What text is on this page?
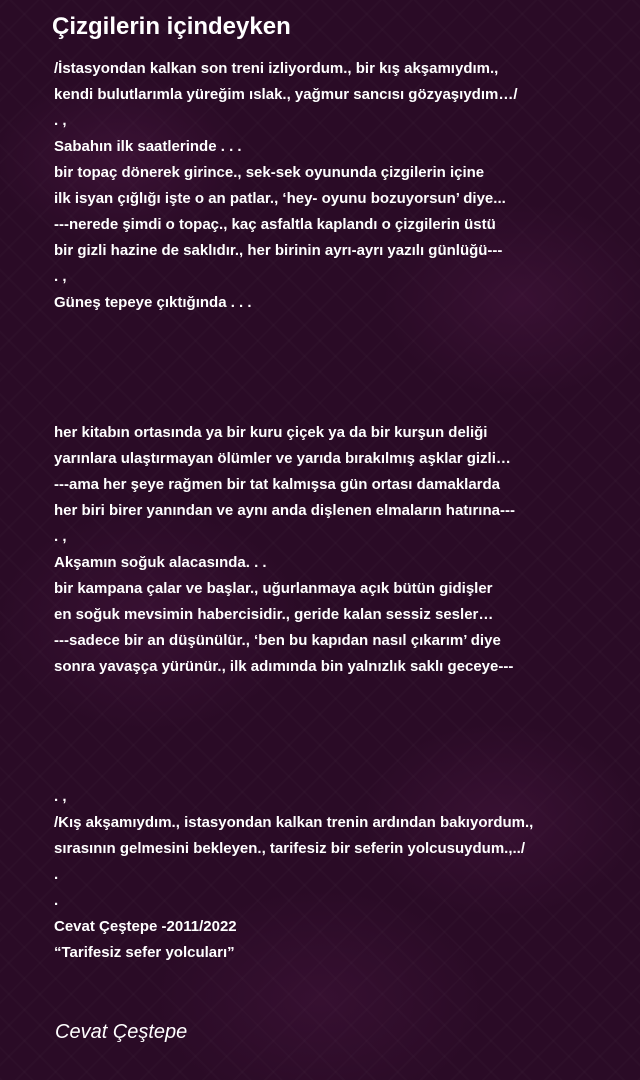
Çizgilerin içindeyken
/İstasyondan kalkan son treni izliyordum., bir kış akşamıydım.,
kendi bulutlarımla yüreğim ıslak., yağmur sancısı gözyaşıydım…/
. ,
Sabahın ilk saatlerinde . . .
bir topaç dönerek girince., sek-sek oyununda çizgilerin içine
ilk isyan çığlığı işte o an patlar., ‘hey- oyunu bozuyorsun’ diye...
---nerede şimdi o topaç., kaç asfaltla kaplandı o çizgilerin üstü
bir gizli hazine de saklıdır., her birinin ayrı-ayrı yazılı günlüğü---
. ,
Güneş tepeye çıktığında . . .
her kitabın ortasında ya bir kuru çiçek ya da bir kurşun deliği
yarınlara ulaştırmayan ölümler ve yarıda bırakılmış aşklar gizli…
---ama her şeye rağmen bir tat kalmışsa gün ortası damaklarda
her biri birer yanından ve aynı anda dişlenen elmaların hatırına---
. ,
Akşamın soğuk alacasında. . .
bir kampana çalar ve başlar., uğurlanmaya açık bütün gidişler
en soğuk mevsimin habercisidir., geride kalan sessiz sesler…
---sadece bir an düşünülür., ‘ben bu kapıdan nasıl çıkarım’ diye
sonra yavaşça yürünür., ilk adımında bin yalnızlık saklı geceye---
. ,
/Kış akşamıydım., istasyondan kalkan trenin ardından bakıyordum.,
sırasının gelmesini bekleyen., tarifesiz bir seferin yolcusuydum.,../
.
.
Cevat Çeştepe -2011/2022
“Tarifesiz sefer yolcuları”
Cevat Çeştepe
